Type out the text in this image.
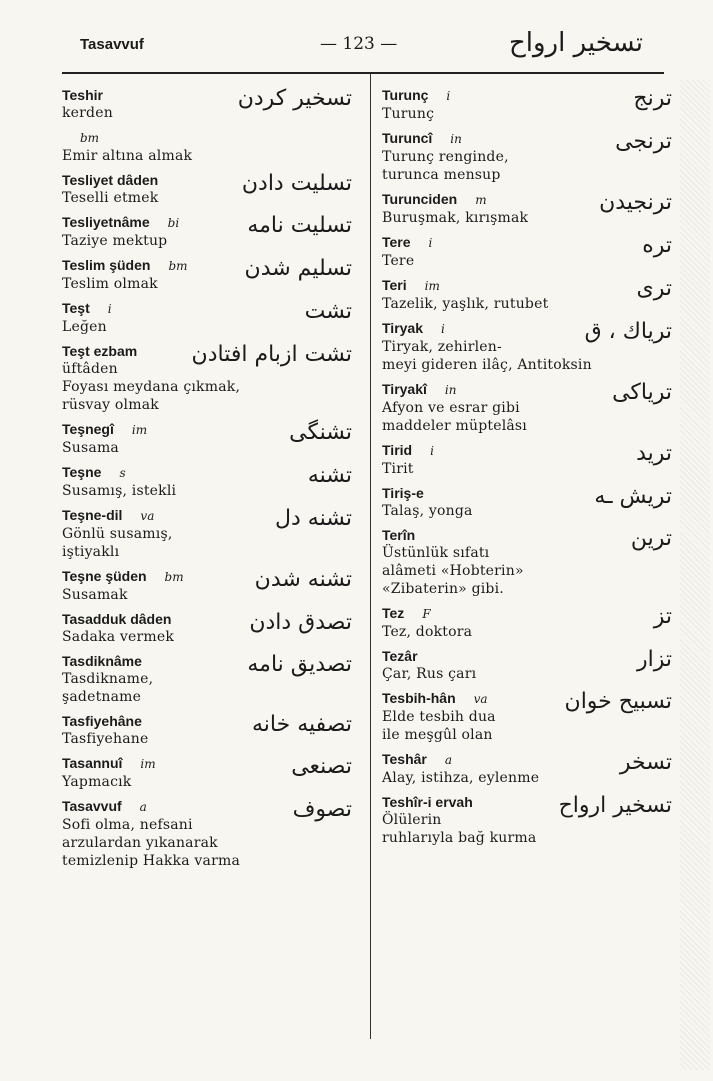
Tasavvuf	— 123 —	تسخیر ارواح
Teshir
kerden
تسخیر کردن
bm
Emir altına almak
Tesliyet dâden
Teselli etmek
تسلیت دادن
Tesliyetnâme bi
Taziye mektup
تسلیت نامه
Teslim şüden bm
Teslim olmak
تسلیم شدن
Teşt i
Leğen
تشت
Teşt ezbam
üftâden
Foyası meydana çıkmak,
rüsvay olmak
تشت ازبام افتادن
Teşnegî im
Susama
تشنگی
Teşne s
Susamış, istekli
تشنه
Teşne-dil va
Gönlü susamış,
iştiyaklı
تشنه دل
Teşne şüden bm
Susamak
تشنه شدن
Tasadduk dâden
Sadaka vermek
تصدق دادن
Tasdiknâme
Tasdikname,
şadetname
تصدیق نامه
Tasfiyehâne
Tasfiyehane
تصفیه خانه
Tasannuî im
Yapmacık
تصنعی
Tasavvuf a
Sofi olma, nefsani
arzulardan yıkanarak
temizlenip Hakka varma
تصوف
Turunç i
Turunç
ترنج
Turuncî in
Turunç renginde,
turunca mensup
ترنجی
Turunciden m
Buruşmak, kırışmak
ترنجیدن
Tere i
Tere
تره
Teri im
Tazelik, yaşlık, rutubet
تری
Tiryak i
Tiryak, zehirlen-
meyi gideren ilâç, Antitoksin
تریاك ، ق
Tiryakî in
Afyon ve esrar gibi
maddeler müptelâsı
تریاکی
Tirid i
Tirit
ترید
Tiriş-e
Talaş, yonga
تریش ـه
Terîn
Üstünlük sıfatı
alâmeti «Hobterin»
«Zibaterin» gibi.
ترین
Tez F
Tez, doktora
تز
Tezâr
Çar, Rus çarı
تزار
Tesbih-hân va
Elde tesbih dua
ile meşgûl olan
تسبیح خوان
Teshâr a
Alay, istihza, eylenme
تسخر
Teshîr-i ervah
Ölülerin
ruhlarıyla bağ kurma
تسخیر ارواح
